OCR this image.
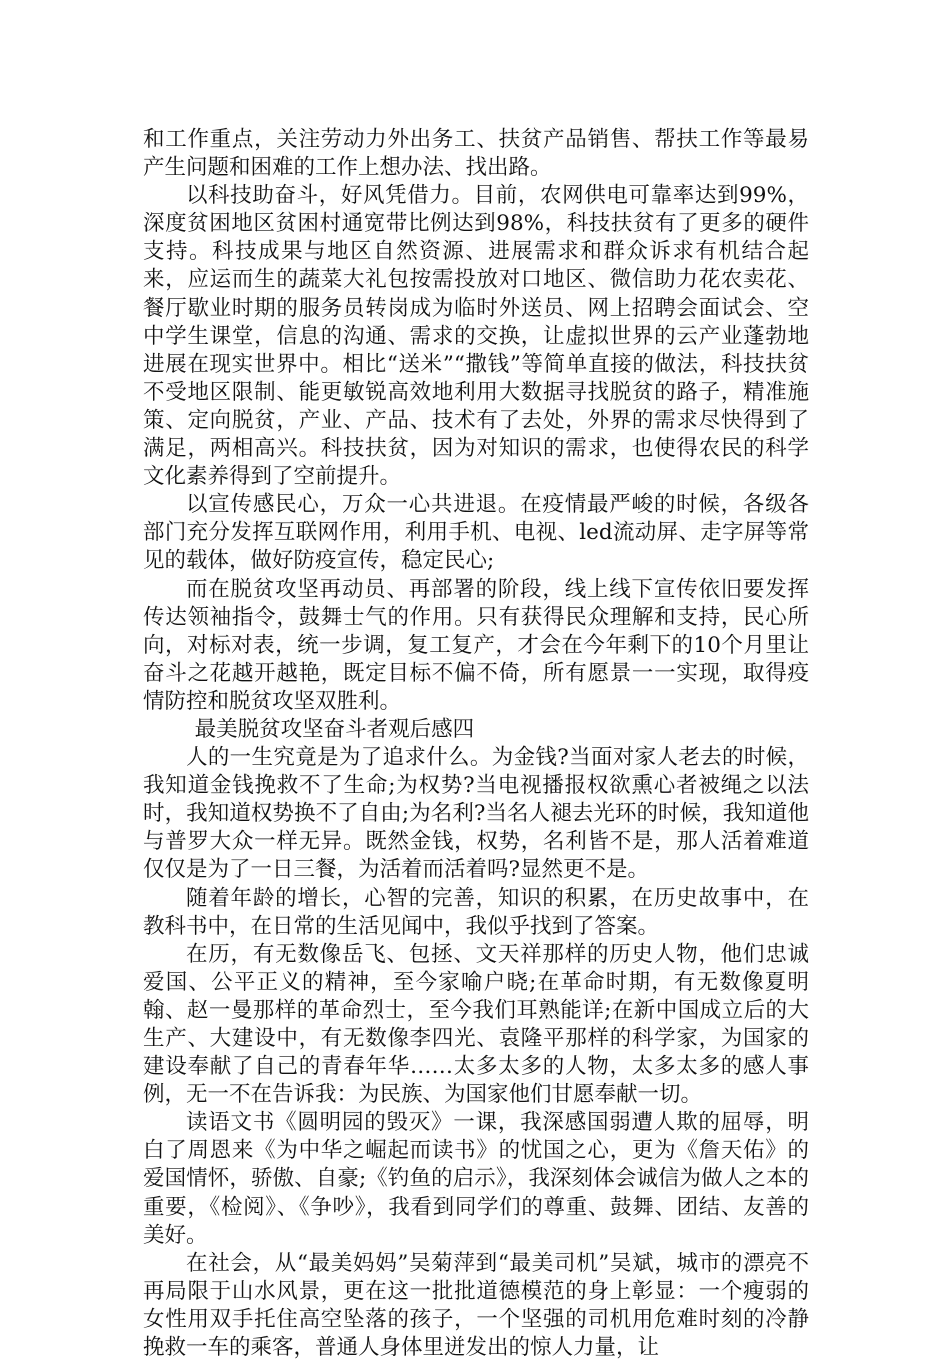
和工作重点，关注劳动力外出务工、扶贫产品销售、帮扶工作等最易产生问题和困难的工作上想办法、找出路。

以科技助奋斗，好风凭借力。目前，农网供电可靠率达到99%，深度贫困地区贫困村通宽带比例达到98%，科技扶贫有了更多的硬件支持。科技成果与地区自然资源、进展需求和群众诉求有机结合起来，应运而生的蔬菜大礼包按需投放对口地区、微信助力花农卖花、餐厅歇业时期的服务员转岗成为临时外送员、网上招聘会面试会、空中学生课堂，信息的沟通、需求的交换，让虚拟世界的云产业蓬勃地进展在现实世界中。相比“送米”“撒钱”等简单直接的做法，科技扶贫不受地区限制、能更敏锐高效地利用大数据寻找脱贫的路子，精准施策、定向脱贫，产业、产品、技术有了去处，外界的需求尽快得到了满足，两相高兴。科技扶贫，因为对知识的需求，也使得农民的科学文化素养得到了空前提升。

以宣传感民心，万众一心共进退。在疫情最严峻的时候，各级各部门充分发挥互联网作用，利用手机、电视、led流动屏、走字屏等常见的载体，做好防疫宣传，稳定民心;

而在脱贫攻坚再动员、再部署的阶段，线上线下宣传依旧要发挥传达领袖指令，鼓舞士气的作用。只有获得民众理解和支持，民心所向，对标对表，统一步调，复工复产，才会在今年剩下的10个月里让奋斗之花越开越艳，既定目标不偏不倚，所有愿景一一实现，取得疫情防控和脱贫攻坚双胜利。

最美脱贫攻坚奋斗者观后感四

人的一生究竟是为了追求什么。为金钱?当面对家人老去的时候，我知道金钱挽救不了生命;为权势?当电视播报权欲熏心者被绳之以法时，我知道权势换不了自由;为名利?当名人褪去光环的时候，我知道他与普罗大众一样无异。既然金钱，权势，名利皆不是，那人活着难道仅仅是为了一日三餐，为活着而活着吗?显然更不是。

随着年龄的增长，心智的完善，知识的积累，在历史故事中，在教科书中，在日常的生活见闻中，我似乎找到了答案。

在历，有无数像岳飞、包拯、文天祥那样的历史人物，他们忠诚爱国、公平正义的精神，至今家喻户晓;在革命时期，有无数像夏明翰、赵一曼那样的革命烈士，至今我们耳熟能详;在新中国成立后的大生产、大建设中，有无数像李四光、袁隆平那样的科学家，为国家的建设奉献了自己的青春年华……太多太多的人物，太多太多的感人事例，无一不在告诉我：为民族、为国家他们甘愿奉献一切。

读语文书《圆明园的毁灭》一课，我深感国弱遭人欺的屈辱，明白了周恩来《为中华之崛起而读书》的忧国之心，更为《詹天佑》的爱国情怀，骄傲、自豪;《钓鱼的启示》，我深刻体会诚信为做人之本的重要，《检阅》、《争吵》，我看到同学们的尊重、鼓舞、团结、友善的美好。

在社会，从“最美妈妈”吴菊萍到“最美司机”吴斌，城市的漂亮不再局限于山水风景，更在这一批批道德模范的身上彰显：一个瘦弱的女性用双手托住高空坠落的孩子，一个坚强的司机用危难时刻的冷静挽救一车的乘客，普通人身体里迸发出的惊人力量，让
